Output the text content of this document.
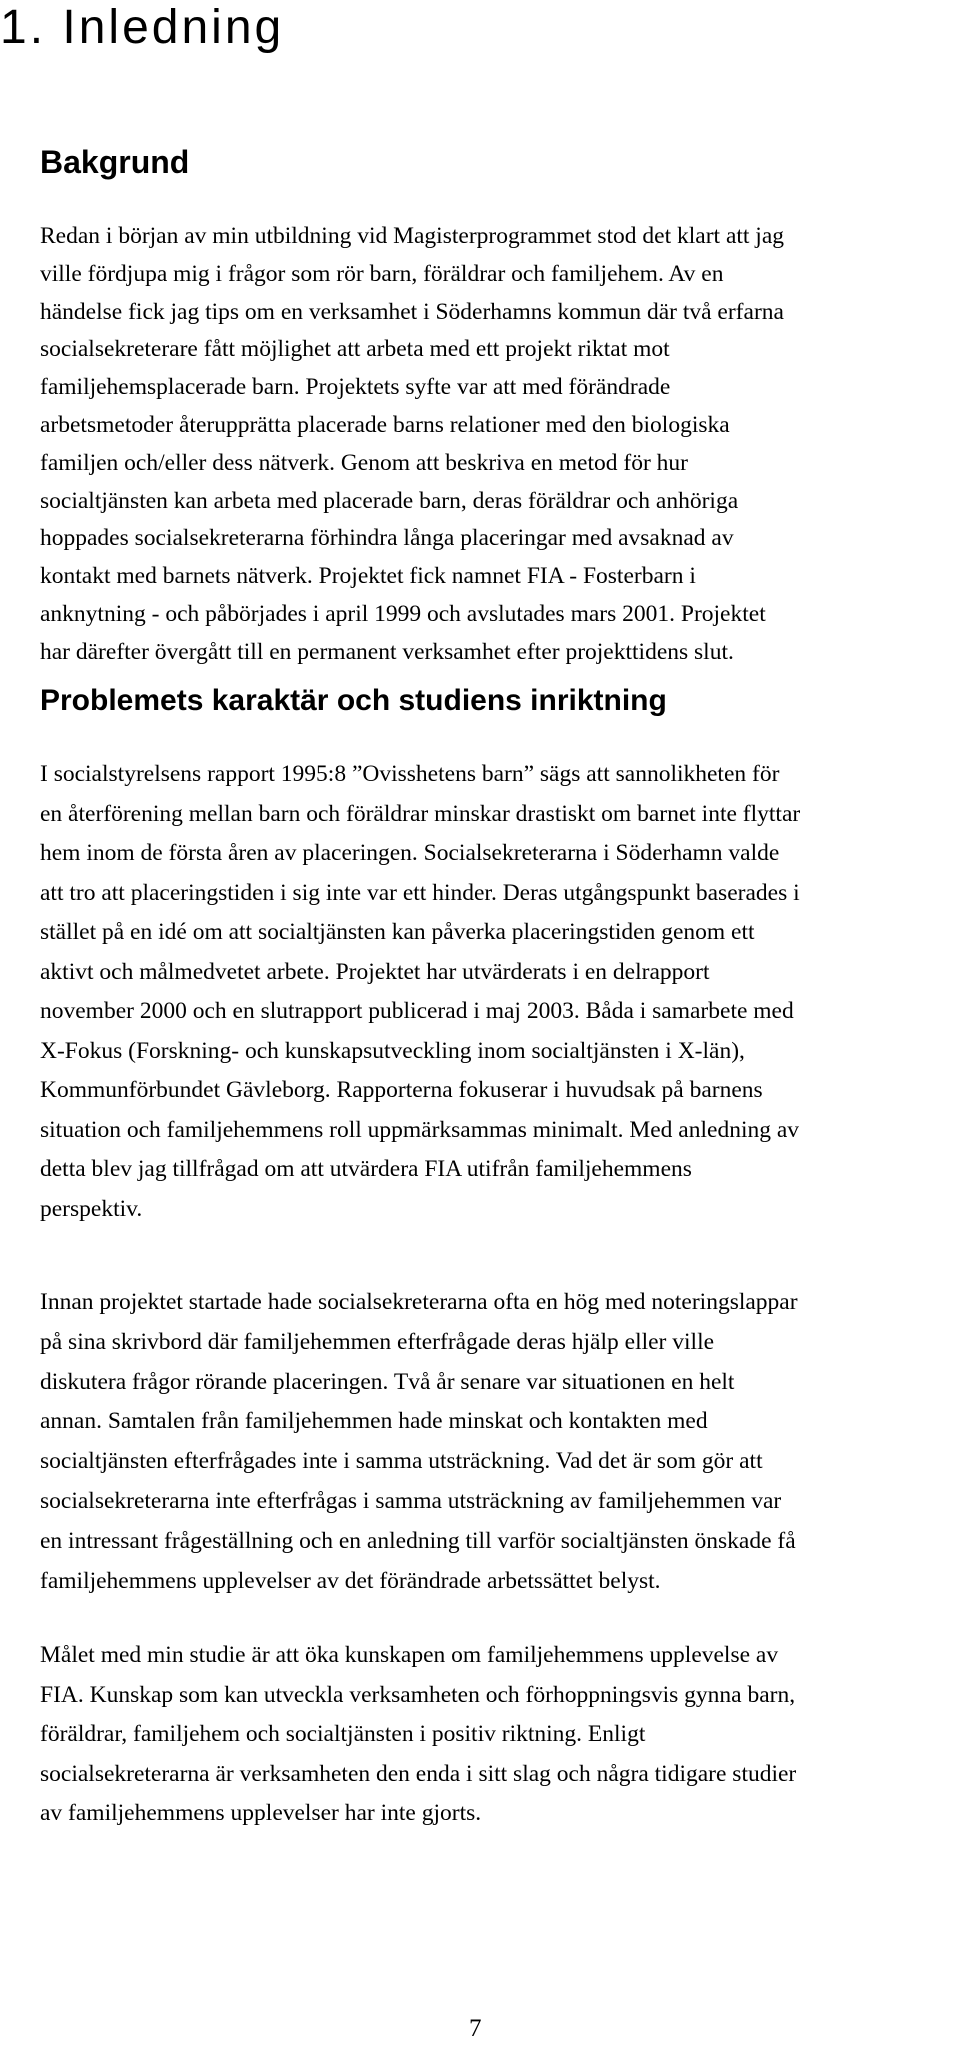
1. Inledning
Bakgrund

Redan i början av min utbildning vid Magisterprogrammet stod det klart att jag
ville fördjupa mig i frågor som rör barn, föräldrar och familjehem. Av en
händelse fick jag tips om en verksamhet i Söderhamns kommun där två erfarna
socialsekreterare fått möjlighet att arbeta med ett projekt riktat mot
familjehemsplacerade barn. Projektets syfte var att med förändrade
arbetsmetoder återupprätta placerade barns relationer med den biologiska
familjen och/eller dess nätverk. Genom att beskriva en metod för hur
socialtjänsten kan arbeta med placerade barn, deras föräldrar och anhöriga
hoppades socialsekreterarna förhindra långa placeringar med avsaknad av
kontakt med barnets nätverk. Projektet fick namnet FIA - Fosterbarn i
anknytning - och påbörjades i april 1999 och avslutades mars 2001. Projektet
har därefter övergått till en permanent verksamhet efter projekttidens slut.

Problemets karaktär och studiens inriktning

I socialstyrelsens rapport 1995:8 ”Ovisshetens barn” sägs att sannolikheten för
en återförening mellan barn och föräldrar minskar drastiskt om barnet inte flyttar
hem inom de första åren av placeringen. Socialsekreterarna i Söderhamn valde
att tro att placeringstiden i sig inte var ett hinder. Deras utgångspunkt baserades i
stället på en idé om att socialtjänsten kan påverka placeringstiden genom ett
aktivt och målmedvetet arbete. Projektet har utvärderats i en delrapport
november 2000 och en slutrapport publicerad i maj 2003. Båda i samarbete med
X-Fokus (Forskning- och kunskapsutveckling inom socialtjänsten i X-län),
Kommunförbundet Gävleborg. Rapporterna fokuserar i huvudsak på barnens
situation och familjehemmens roll uppmärksammas minimalt. Med anledning av
detta blev jag tillfrågad om att utvärdera FIA utifrån familjehemmens
perspektiv.

Innan projektet startade hade socialsekreterarna ofta en hög med noteringslappar
på sina skrivbord där familjehemmen efterfrågade deras hjälp eller ville
diskutera frågor rörande placeringen. Två år senare var situationen en helt
annan. Samtalen från familjehemmen hade minskat och kontakten med
socialtjänsten efterfrågades inte i samma utsträckning. Vad det är som gör att
socialsekreterarna inte efterfrågas i samma utsträckning av familjehemmen var
en intressant frågeställning och en anledning till varför socialtjänsten önskade få
familjehemmens upplevelser av det förändrade arbetssättet belyst.

Målet med min studie är att öka kunskapen om familjehemmens upplevelse av
FIA. Kunskap som kan utveckla verksamheten och förhoppningsvis gynna barn,
föräldrar, familjehem och socialtjänsten i positiv riktning. Enligt
socialsekreterarna är verksamheten den enda i sitt slag och några tidigare studier
av familjehemmens upplevelser har inte gjorts.

7
